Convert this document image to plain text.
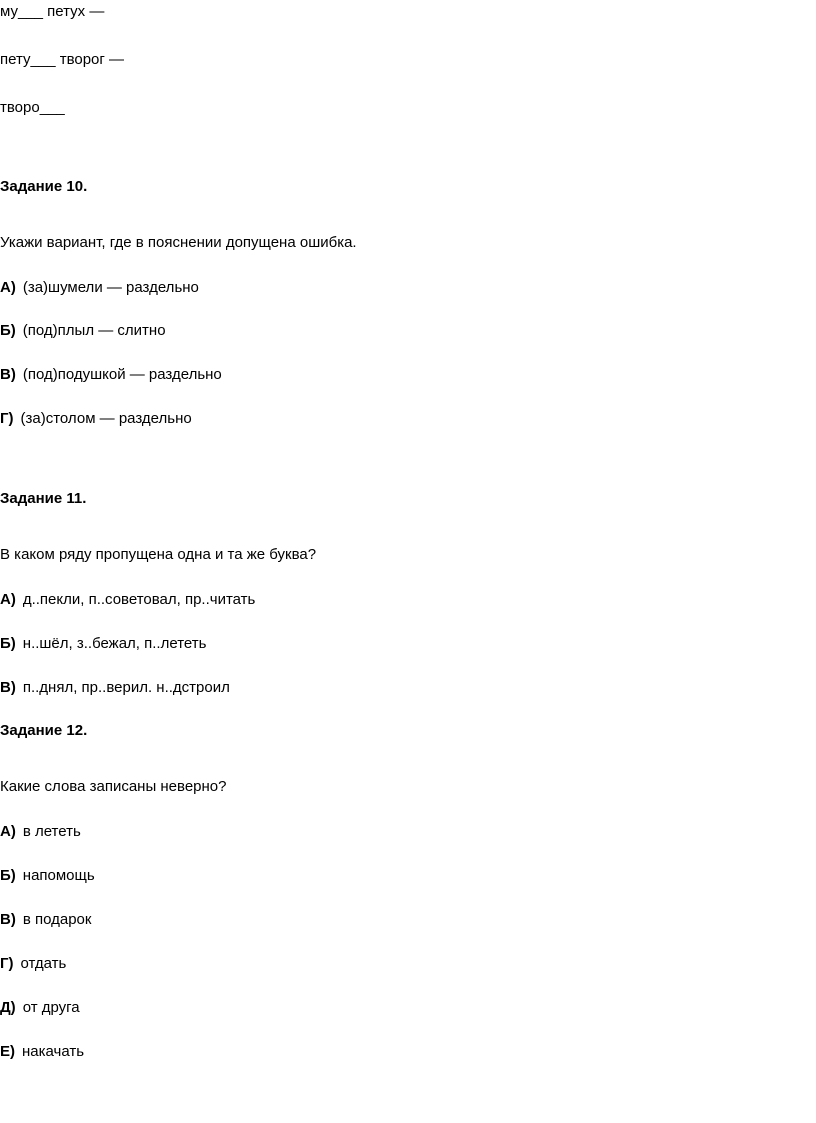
му___ петух —
пету___ творог —
творо___
Задание 10.
Укажи вариант, где в пояснении допущена ошибка.
А) (за)шумели — раздельно
Б) (под)плыл — слитно
В) (под)подушкой — раздельно
Г) (за)столом — раздельно
Задание 11.
В каком ряду пропущена одна и та же буква?
А) д..пекли, п..советовал, пр..читать
Б) н..шёл, з..бежал, п..лететь
В) п..днял, пр..верил. н..дстроил
Задание 12.
Какие слова записаны неверно?
А) в лететь
Б) напомощь
В) в подарок
Г) отдать
Д) от друга
Е) накачать
